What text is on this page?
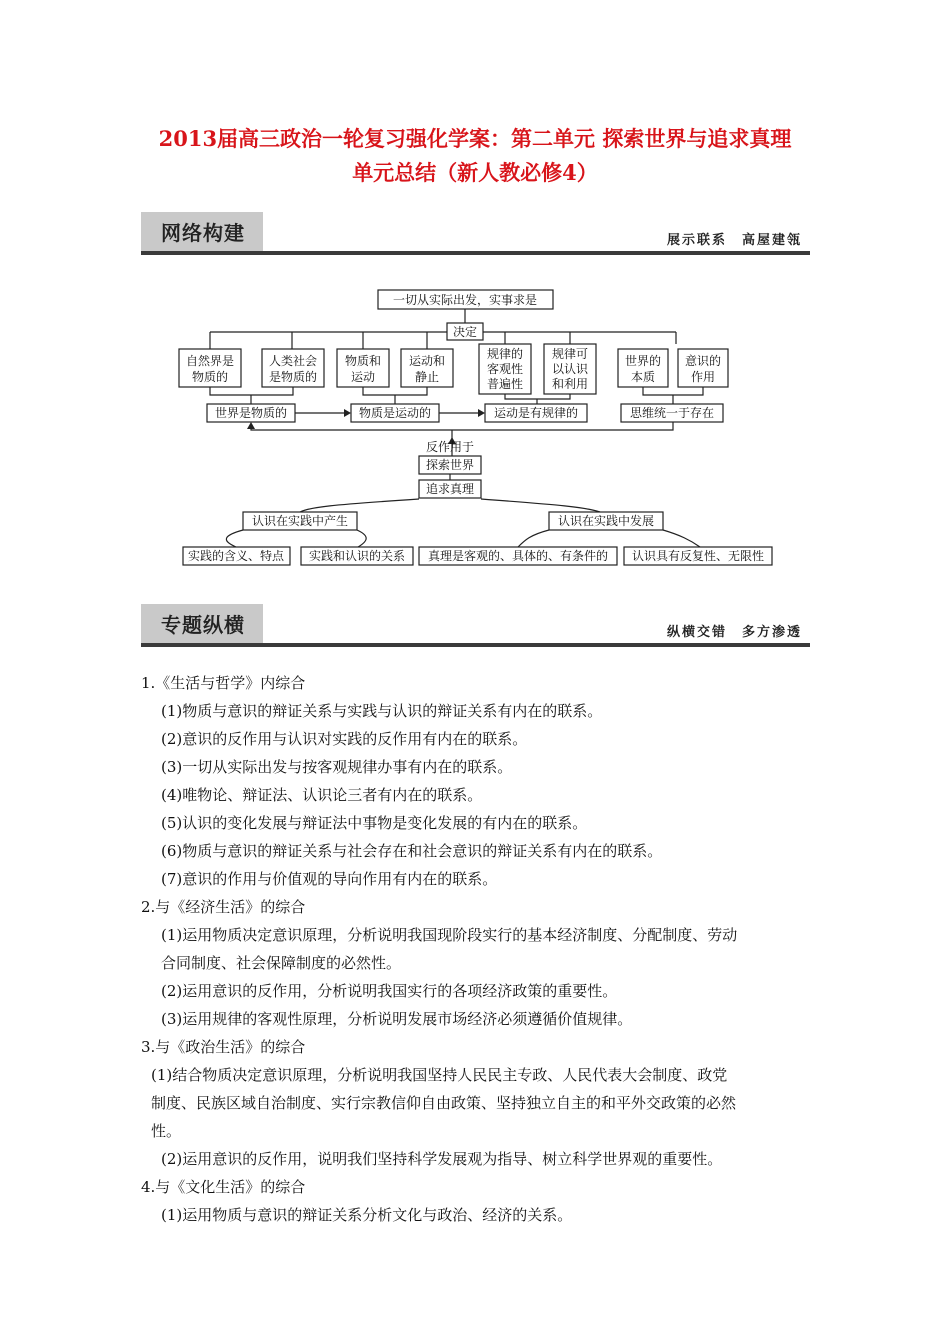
2013届高三政治一轮复习强化学案：第二单元 探索世界与追求真理
单元总结（新人教必修4）
网络构建	展示联系　高屋建瓴
一切从实际出发，实事求是
决定
自然界是
物质的
人类社会
是物质的
物质和
运动
运动和
静止
规律的
客观性
普遍性
规律可
以认识
和利用
世界的
本质
意识的
作用
世界是物质的	物质是运动的	运动是有规律的	思维统一于存在
反作用于
探索世界
追求真理
认识在实践中产生	认识在实践中发展
实践的含义、特点 实践和认识的关系 真理是客观的、具体的、有条件的 认识具有反复性、无限性
专题纵横	纵横交错　多方渗透
1.《生活与哲学》内综合
(1)物质与意识的辩证关系与实践与认识的辩证关系有内在的联系。
(2)意识的反作用与认识对实践的反作用有内在的联系。
(3)一切从实际出发与按客观规律办事有内在的联系。
(4)唯物论、辩证法、认识论三者有内在的联系。
(5)认识的变化发展与辩证法中事物是变化发展的有内在的联系。
(6)物质与意识的辩证关系与社会存在和社会意识的辩证关系有内在的联系。
(7)意识的作用与价值观的导向作用有内在的联系。
2.与《经济生活》的综合
(1)运用物质决定意识原理，分析说明我国现阶段实行的基本经济制度、分配制度、劳动
合同制度、社会保障制度的必然性。
(2)运用意识的反作用，分析说明我国实行的各项经济政策的重要性。
(3)运用规律的客观性原理，分析说明发展市场经济必须遵循价值规律。
3.与《政治生活》的综合
(1)结合物质决定意识原理，分析说明我国坚持人民民主专政、人民代表大会制度、政党
制度、民族区域自治制度、实行宗教信仰自由政策、坚持独立自主的和平外交政策的必然
性。
(2)运用意识的反作用，说明我们坚持科学发展观为指导、树立科学世界观的重要性。
4.与《文化生活》的综合
(1)运用物质与意识的辩证关系分析文化与政治、经济的关系。
